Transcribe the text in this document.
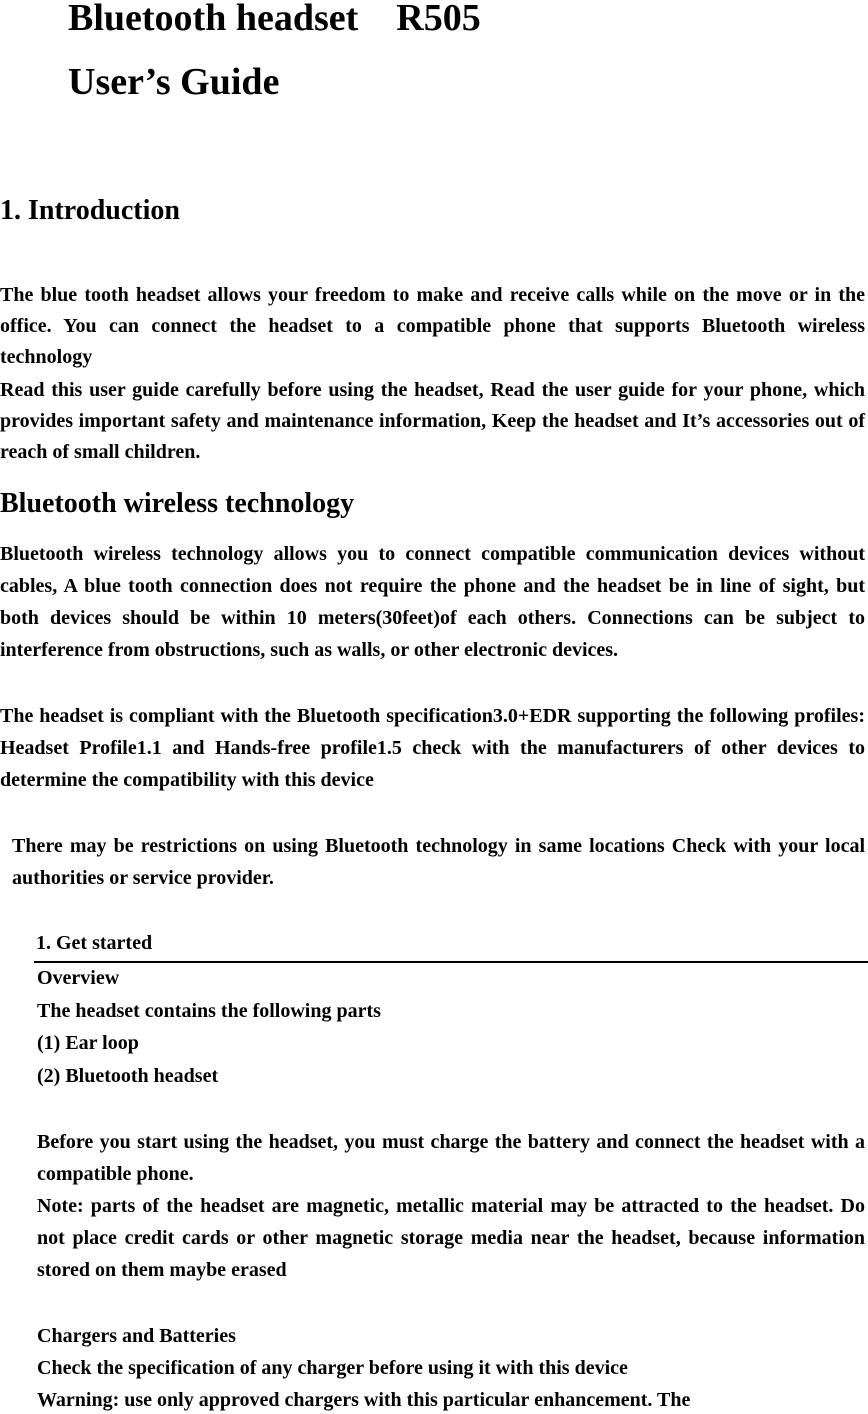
Bluetooth headset    R505
User’s Guide
1. Introduction

The blue tooth headset allows your freedom to make and receive calls while on the move or in the office. You can connect the headset to a compatible phone that supports Bluetooth wireless technology

Read this user guide carefully before using the headset, Read the user guide for your phone, which provides important safety and maintenance information, Keep the headset and It’s accessories out of reach of small children.

Bluetooth wireless technology

Bluetooth wireless technology allows you to connect compatible communication devices without cables, A blue tooth connection does not require the phone and the headset be in line of sight, but both devices should be within 10 meters(30feet)of each others. Connections can be subject to interference from obstructions, such as walls, or other electronic devices.

The headset is compliant with the Bluetooth specification3.0+EDR supporting the following profiles: Headset Profile1.1 and Hands-free profile1.5 check with the manufacturers of other devices to determine the compatibility with this device

There may be restrictions on using Bluetooth technology in same locations Check with your local authorities or service provider.

1. Get started
Overview
The headset contains the following parts
(1) Ear loop
(2) Bluetooth headset

Before you start using the headset, you must charge the battery and connect the headset with a compatible phone.

Note: parts of the headset are magnetic, metallic material may be attracted to the headset. Do not place credit cards or other magnetic storage media near the headset, because information stored on them maybe erased

Chargers and Batteries
Check the specification of any charger before using it with this device
Warning: use only approved chargers with this particular enhancement. The
